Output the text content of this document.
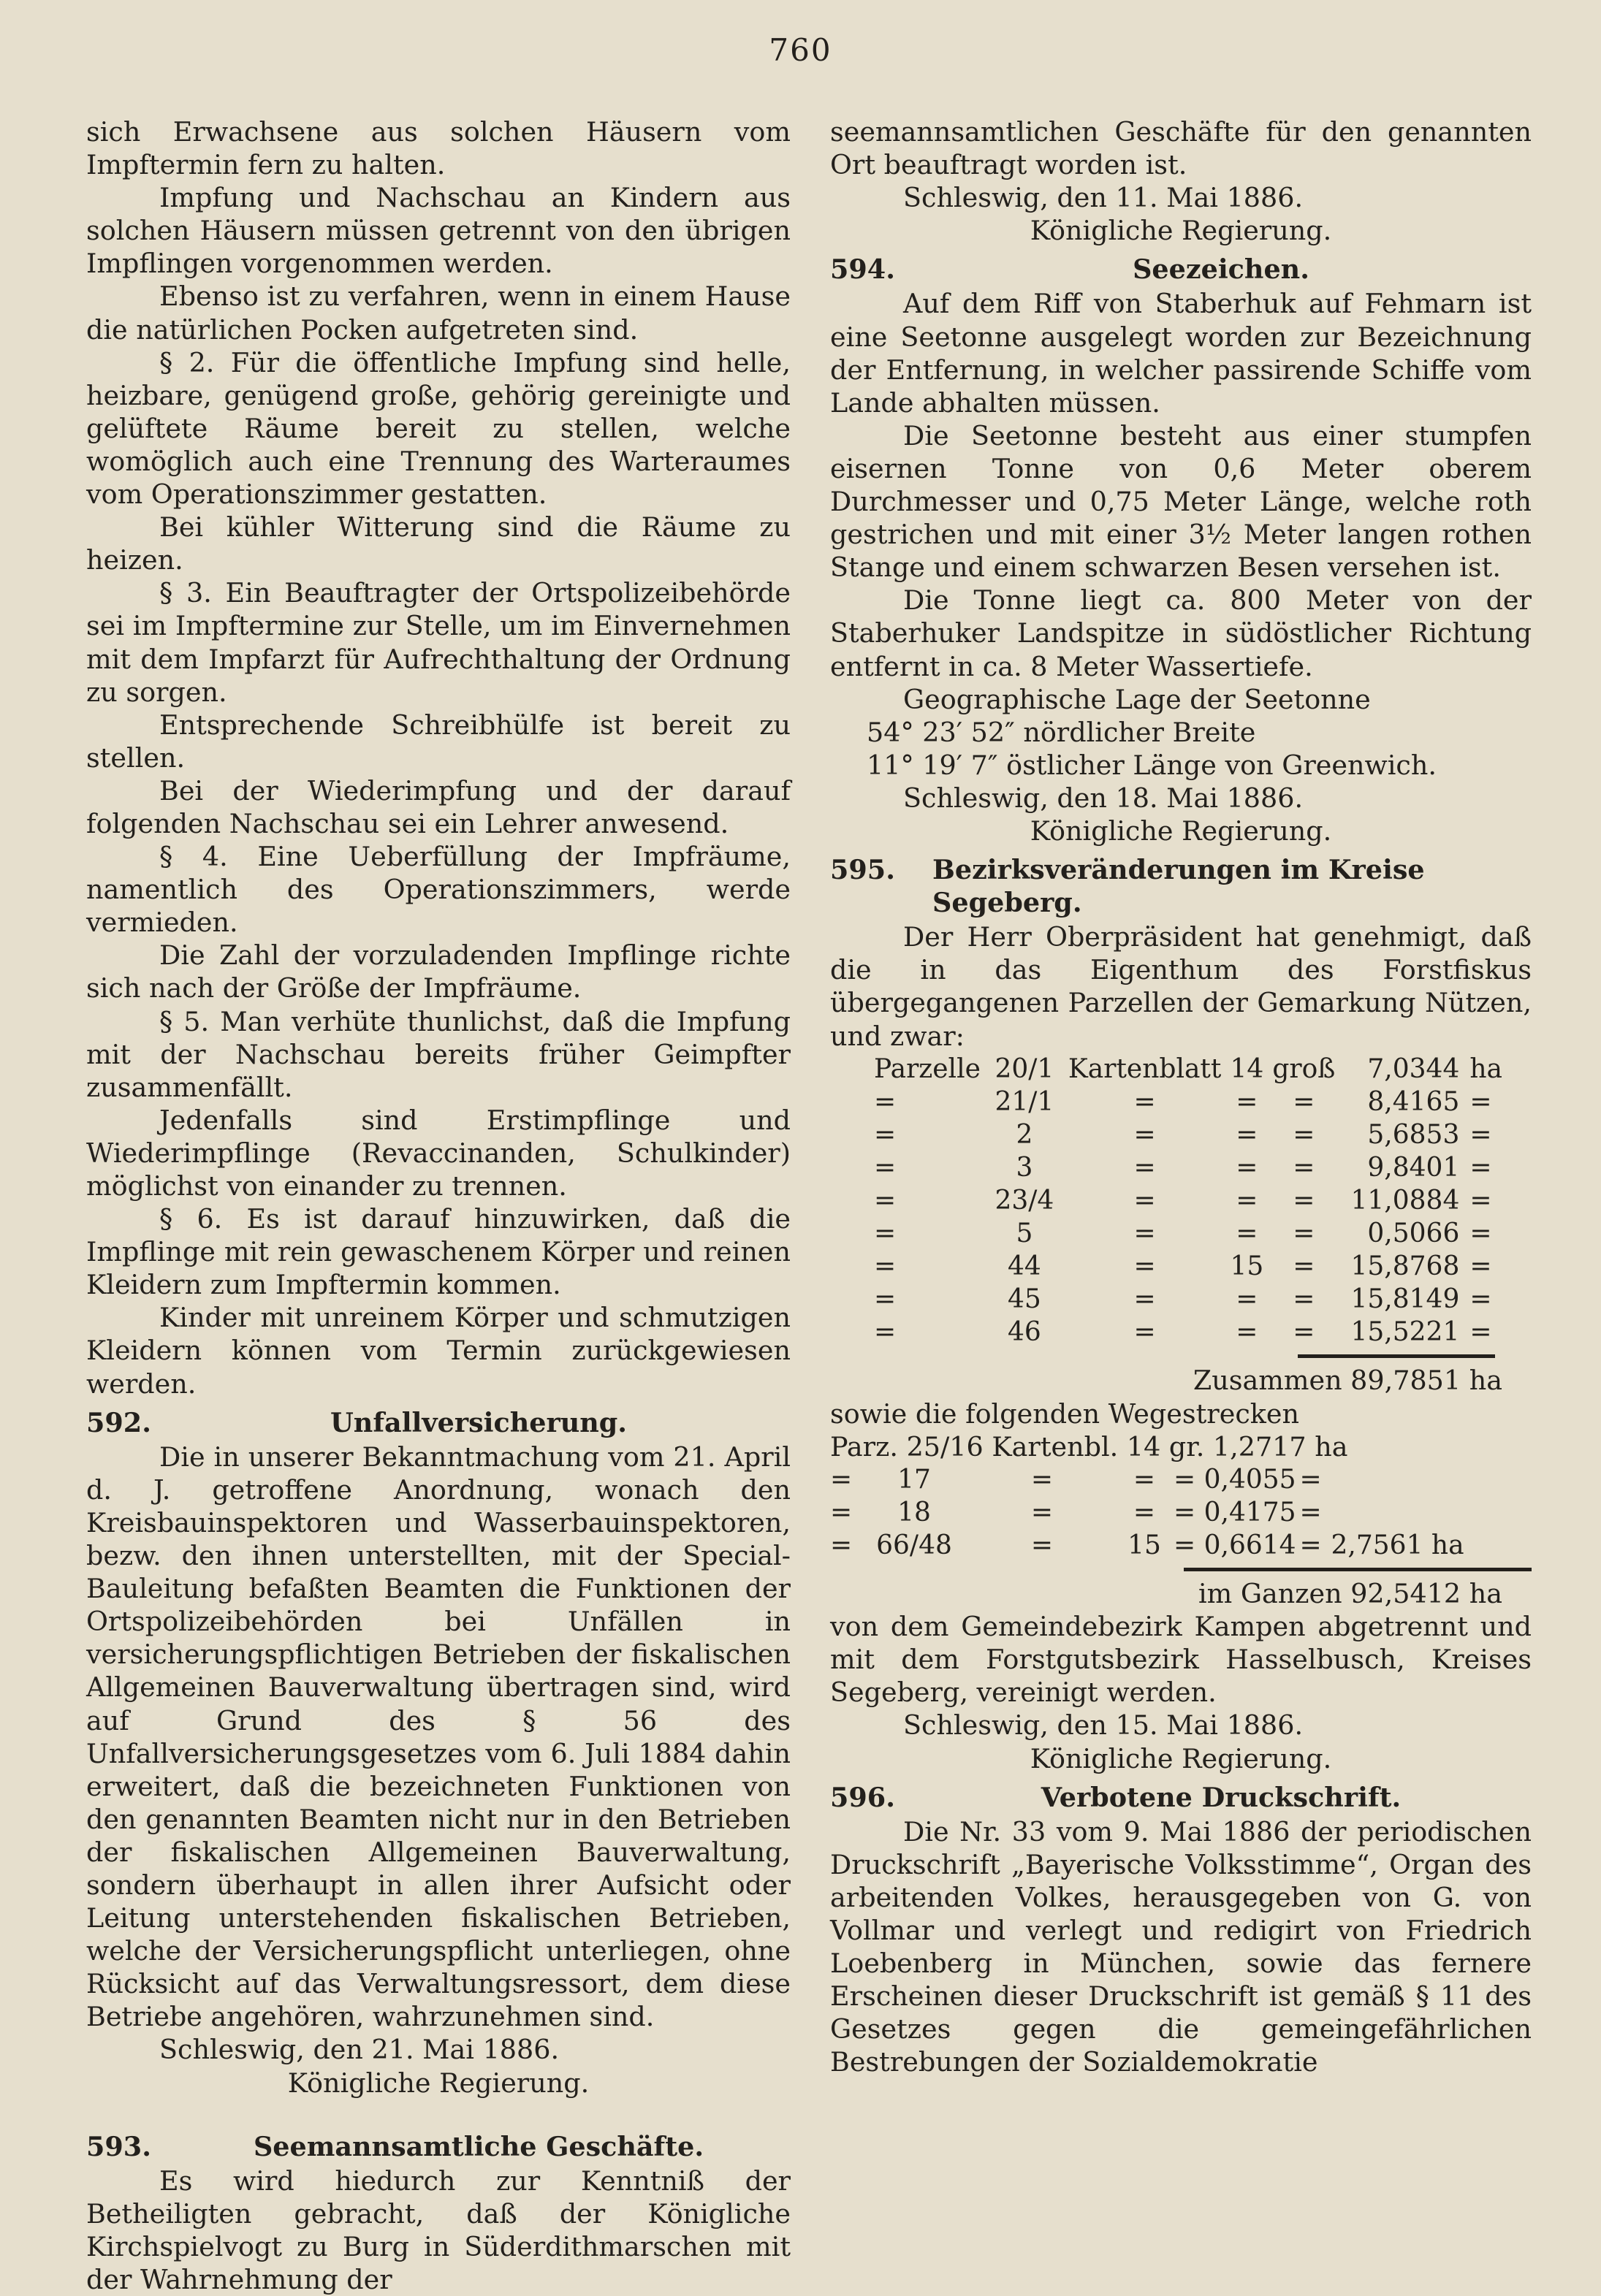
760

sich Erwachsene aus solchen Häusern vom Impftermin fern zu halten.

Impfung und Nachschau an Kindern aus solchen Häusern müssen getrennt von den übrigen Impflingen vorgenommen werden.

Ebenso ist zu verfahren, wenn in einem Hause die natürlichen Pocken aufgetreten sind.

§ 2. Für die öffentliche Impfung sind helle, heizbare, genügend große, gehörig gereinigte und gelüftete Räume bereit zu stellen, welche womöglich auch eine Trennung des Warteraumes vom Operationszimmer gestatten.

Bei kühler Witterung sind die Räume zu heizen.

§ 3. Ein Beauftragter der Ortspolizeibehörde sei im Impftermine zur Stelle, um im Einvernehmen mit dem Impfarzt für Aufrechthaltung der Ordnung zu sorgen.

Entsprechende Schreibhülfe ist bereit zu stellen.

Bei der Wiederimpfung und der darauf folgenden Nachschau sei ein Lehrer anwesend.

§ 4. Eine Ueberfüllung der Impfräume, namentlich des Operationszimmers, werde vermieden.

Die Zahl der vorzuladenden Impflinge richte sich nach der Größe der Impfräume.

§ 5. Man verhüte thunlichst, daß die Impfung mit der Nachschau bereits früher Geimpfter zusammenfällt.

Jedenfalls sind Erstimpflinge und Wiederimpflinge (Revaccinanden, Schulkinder) möglichst von einander zu trennen.

§ 6. Es ist darauf hinzuwirken, daß die Impflinge mit rein gewaschenem Körper und reinen Kleidern zum Impftermin kommen.

Kinder mit unreinem Körper und schmutzigen Kleidern können vom Termin zurückgewiesen werden.

592.	Unfallversicherung.

Die in unserer Bekanntmachung vom 21. April d. J. getroffene Anordnung, wonach den Kreisbauinspektoren und Wasserbauinspektoren, bezw. den ihnen unterstellten, mit der Special-Bauleitung befaßten Beamten die Funktionen der Ortspolizeibehörden bei Unfällen in versicherungspflichtigen Betrieben der fiskalischen Allgemeinen Bauverwaltung übertragen sind, wird auf Grund des § 56 des Unfallversicherungsgesetzes vom 6. Juli 1884 dahin erweitert, daß die bezeichneten Funktionen von den genannten Beamten nicht nur in den Betrieben der fiskalischen Allgemeinen Bauverwaltung, sondern überhaupt in allen ihrer Aufsicht oder Leitung unterstehenden fiskalischen Betrieben, welche der Versicherungspflicht unterliegen, ohne Rücksicht auf das Verwaltungsressort, dem diese Betriebe angehören, wahrzunehmen sind.

Schleswig, den 21. Mai 1886.

Königliche Regierung.

593.	Seemannsamtliche Geschäfte.

Es wird hiedurch zur Kenntniß der Betheiligten gebracht, daß der Königliche Kirchspielvogt zu Burg in Süderdithmarschen mit der Wahrnehmung der

seemannsamtlichen Geschäfte für den genannten Ort beauftragt worden ist.

Schleswig, den 11. Mai 1886.

Königliche Regierung.

594.	Seezeichen.

Auf dem Riff von Staberhuk auf Fehmarn ist eine Seetonne ausgelegt worden zur Bezeichnung der Entfernung, in welcher passirende Schiffe vom Lande abhalten müssen.

Die Seetonne besteht aus einer stumpfen eisernen Tonne von 0,6 Meter oberem Durchmesser und 0,75 Meter Länge, welche roth gestrichen und mit einer 3½ Meter langen rothen Stange und einem schwarzen Besen versehen ist.

Die Tonne liegt ca. 800 Meter von der Staberhuker Landspitze in südöstlicher Richtung entfernt in ca. 8 Meter Wassertiefe.

Geographische Lage der Seetonne

54° 23′ 52″ nördlicher Breite

11° 19′ 7″ östlicher Länge von Greenwich.

Schleswig, den 18. Mai 1886.

Königliche Regierung.

595.	Bezirksveränderungen im Kreise Segeberg.

Der Herr Oberpräsident hat genehmigt, daß die in das Eigenthum des Forstfiskus übergegangenen Parzellen der Gemarkung Nützen, und zwar:

Parzelle	20/1	Kartenblatt	14	groß	7,0344	ha
=	21/1	=	=	=	8,4165	=
=	2	=	=	=	5,6853	=
=	3	=	=	=	9,8401	=
=	23/4	=	=	=	11,0884	=
=	5	=	=	=	0,5066	=
=	44	=	15	=	15,8768	=
=	45	=	=	=	15,8149	=
=	46	=	=	=	15,5221	=

Zusammen 89,7851 ha

sowie die folgenden Wegestrecken

Parz. 25/16 Kartenbl. 14 gr. 1,2717 ha

=	17	=	=	= 0,4055	=	
=	18	=	=	= 0,4175	=	
=	66/48	=	15	= 0,6614	=	2,7561 ha

im Ganzen 92,5412 ha

von dem Gemeindebezirk Kampen abgetrennt und mit dem Forstgutsbezirk Hasselbusch, Kreises Segeberg, vereinigt werden.

Schleswig, den 15. Mai 1886.

Königliche Regierung.

596.	Verbotene Druckschrift.

Die Nr. 33 vom 9. Mai 1886 der periodischen Druckschrift „Bayerische Volksstimme“, Organ des arbeitenden Volkes, herausgegeben von G. von Vollmar und verlegt und redigirt von Friedrich Loebenberg in München, sowie das fernere Erscheinen dieser Druckschrift ist gemäß § 11 des Gesetzes gegen die gemeingefährlichen Bestrebungen der Sozialdemokratie
